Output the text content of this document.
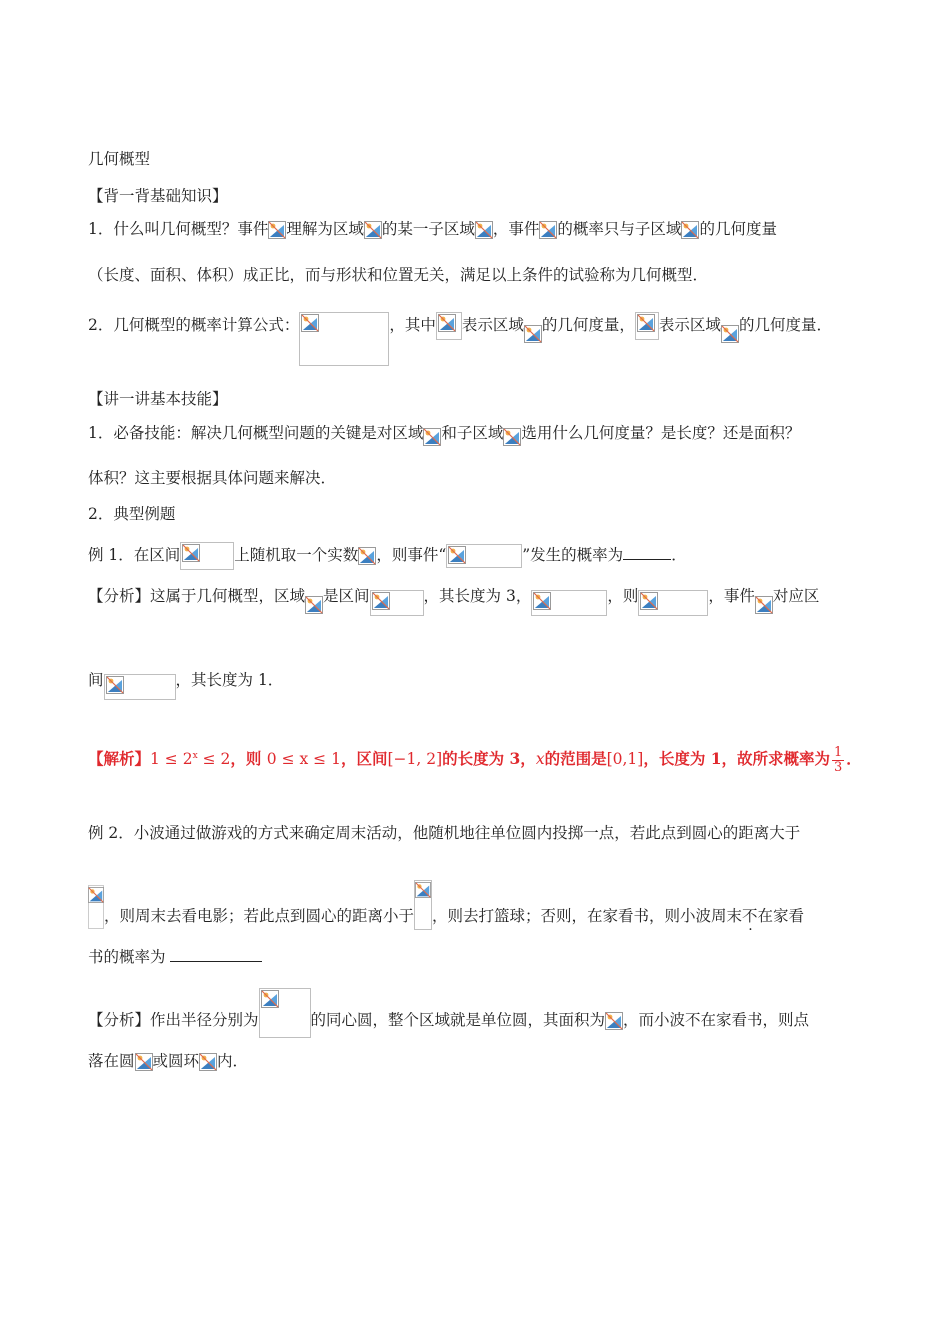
几何概型
【背一背基础知识】
1．什么叫几何概型？事件 理解为区域 的某一子区域 ，事件 的概率只与子区域 的几何度量
（长度、面积、体积）成正比，而与形状和位置无关，满足以上条件的试验称为几何概型．
2．几何概型的概率计算公式：	，其中 表示区域 的几何度量， 表示区域 的几何度量．
【讲一讲基本技能】
1．必备技能：解决几何概型问题的关键是对区域 和子区域 选用什么几何度量？是长度？还是面积？
体积？这主要根据具体问题来解决．
2．典型例题
例 1．在区间	上随机取一个实数 ，则事件“	”发生的概率为	．
【分析】这属于几何概型，区域 是区间	，其长度为 3，	，则	，事件 对应区
间	，其长度为 1．
【解析】$1 \le 2^x \le 2$，则 0 ≤ x ≤ 1，区间[−1, 2]的长度为 3，x的范围是[0,1]，长度为 1，故所求概率为 $\frac{1}{3}$ ．
例 2．小波通过做游戏的方式来确定周末活动，他随机地往单位圆内投掷一点，若此点到圆心的距离大于
，则周末去看电影；若此点到圆心的距离小于 ，则去打篮球；否则，在家看书，则小波周末不在家看
书的概率为
【分析】作出半径分别为	的同心圆，整个区域就是单位圆，其面积为 ，而小波不在家看书，则点
落在圆 或圆环 内．
